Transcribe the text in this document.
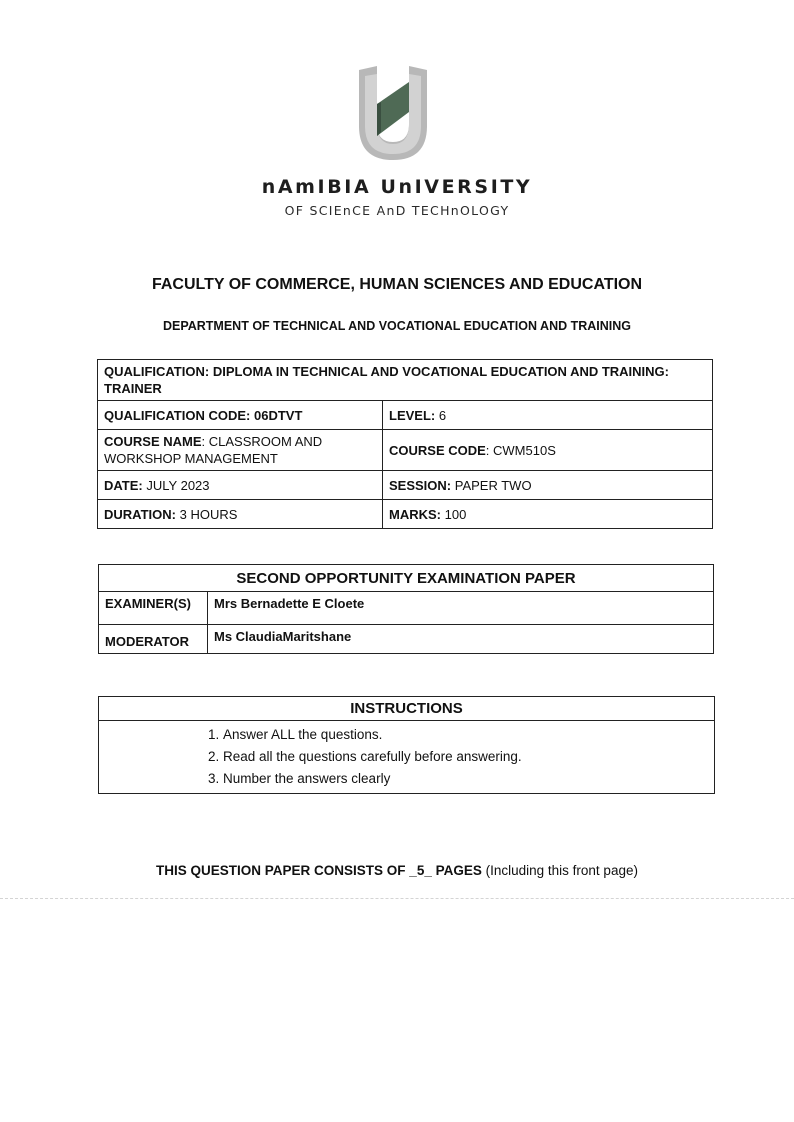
nAmIBIA UnIVERSITY
OF SCIEnCE AnD TECHnOLOGY
FACULTY OF COMMERCE, HUMAN SCIENCES AND EDUCATION
DEPARTMENT OF TECHNICAL AND VOCATIONAL EDUCATION AND TRAINING
QUALIFICATION: DIPLOMA IN TECHNICAL AND VOCATIONAL EDUCATION AND TRAINING: TRAINER	
QUALIFICATION CODE: 06DTVT	LEVEL: 6
COURSE NAME: CLASSROOM AND WORKSHOP MANAGEMENT	COURSE CODE: CWM510S
DATE: JULY 2023	SESSION: PAPER TWO
DURATION: 3 HOURS	MARKS: 100
SECOND OPPORTUNITY EXAMINATION PAPER	
EXAMINER(S)	Mrs Bernadette E Cloete
MODERATOR	Ms ClaudiaMaritshane
INSTRUCTIONS

1. Answer ALL the questions.
2. Read all the questions carefully before answering.
3. Number the answers clearly
THIS QUESTION PAPER CONSISTS OF _5_ PAGES (Including this front page)
